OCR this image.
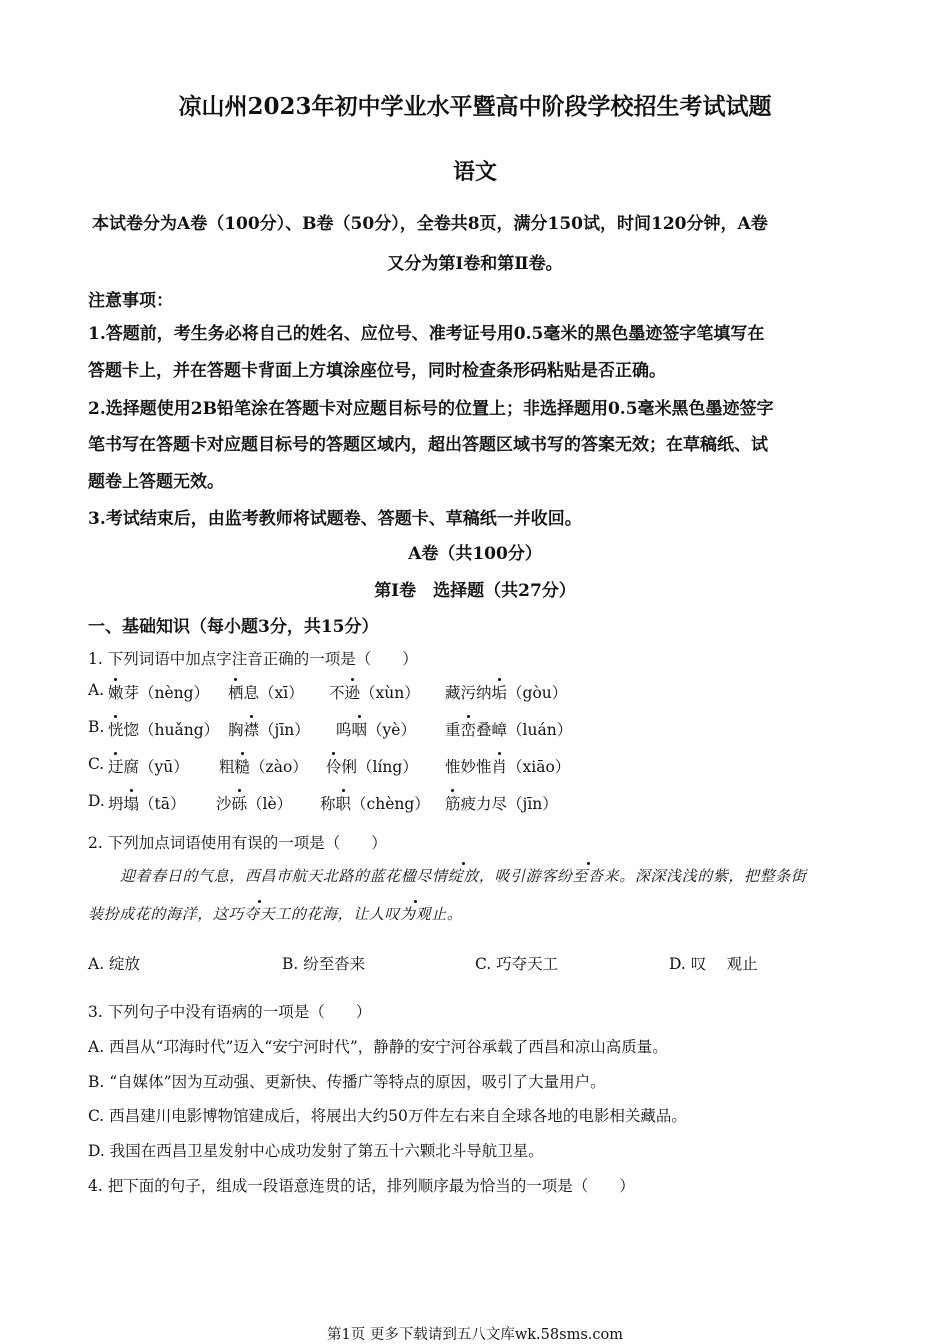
凉山州2023年初中学业水平暨高中阶段学校招生考试试题
语文
本试卷分为A卷（100分）、B卷（50分），全卷共8页，满分150试，时间120分钟，A卷
又分为第Ⅰ卷和第Ⅱ卷。
注意事项：
1.答题前，考生务必将自己的姓名、应位号、准考证号用0.5毫米的黑色墨迹签字笔填写在
答题卡上，并在答题卡背面上方填涂座位号，同时检查条形码粘贴是否正确。
2.选择题使用2B铅笔涂在答题卡对应题目标号的位置上；非选择题用0.5毫米黑色墨迹签字
笔书写在答题卡对应题目标号的答题区域内，超出答题区域书写的答案无效；在草稿纸、试
题卷上答题无效。
3.考试结束后，由监考教师将试题卷、答题卡、草稿纸一并收回。
A卷（共100分）
第Ⅰ卷　选择题（共27分）
一、基础知识（每小题3分，共15分）
1. 下列词语中加点字注音正确的一项是（　　）
A. 嫩芽（nèng） 栖息（xī） 不逊（xùn） 藏污纳垢（gòu）
B. 恍惚（huǎng） 胸襟（jīn） 呜咽（yè） 重峦叠嶂（luán）
C. 迂腐（yū） 粗糙（zào） 伶俐（líng） 惟妙惟肖（xiāo）
D. 坍塌（tā） 沙砾（lè） 称职（chèng） 筋疲力尽（jīn）
2. 下列加点词语使用有误的一项是（　　）
迎着春日的气息，西昌市航天北路的蓝花楹尽情绽放，吸引游客纷至沓来。深深浅浅的紫，把整条街
装扮成花的海洋，这巧夺天工的花海，让人叹为观止。
A. 绽放	B. 纷至沓来	C. 巧夺天工	D. 叹　 观止
3. 下列句子中没有语病的一项是（　　）
A. 西昌从“邛海时代”迈入“安宁河时代”，静静的安宁河谷承载了西昌和凉山高质量。
B. “自媒体”因为互动强、更新快、传播广等特点的原因，吸引了大量用户。
C. 西昌建川电影博物馆建成后，将展出大约50万件左右来自全球各地的电影相关藏品。
D. 我国在西昌卫星发射中心成功发射了第五十六颗北斗导航卫星。
4. 把下面的句子，组成一段语意连贯的话，排列顺序最为恰当的一项是（　　）
第1页 更多下载请到五八文库wk.58sms.com
